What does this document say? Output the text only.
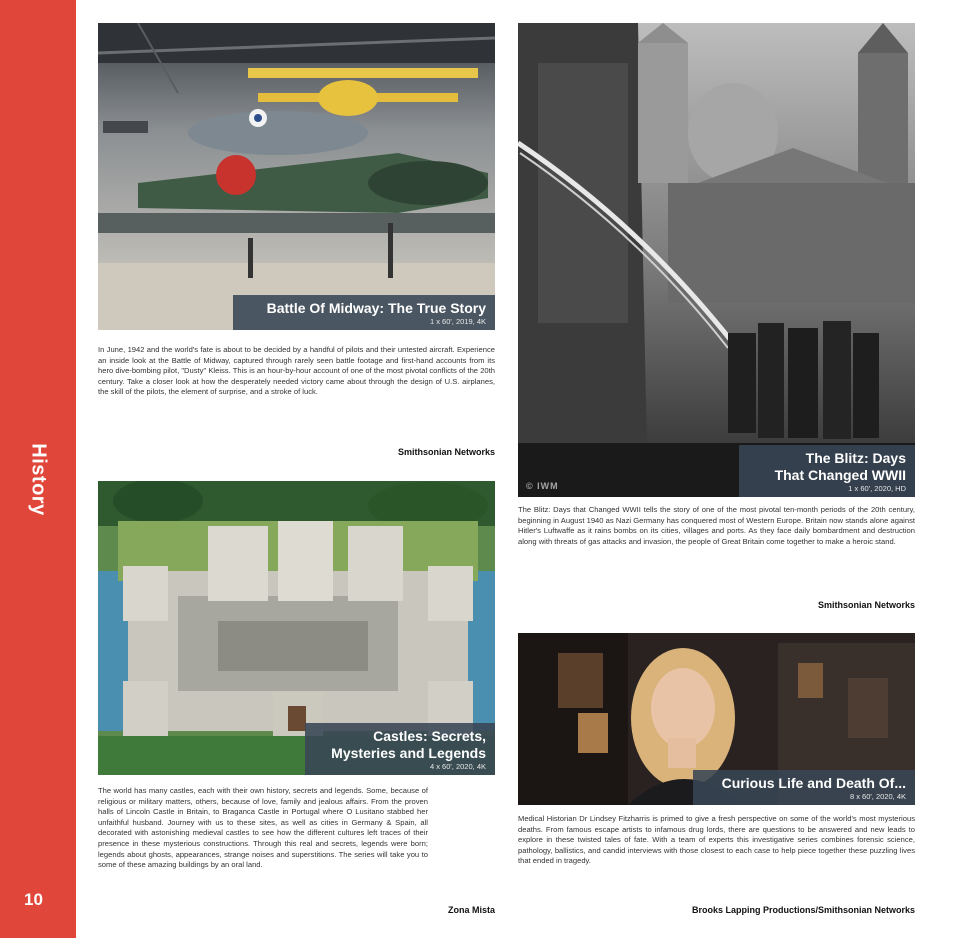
History
10
Battle Of Midway: The True Story
1 x 60', 2019, 4K
In June, 1942 and the world's fate is about to be decided by a handful of pilots and their untested aircraft. Experience an inside look at the Battle of Midway, captured through rarely seen battle footage and first-hand accounts from its hero dive-bombing pilot, "Dusty" Kleiss. This is an hour-by-hour account of one of the most pivotal conflicts of the 20th century. Take a closer look at how the desperately needed victory came about through the design of U.S. airplanes, the skill of the pilots, the element of surprise, and a stroke of luck.
Smithsonian Networks
© IWM
The Blitz: Days
That Changed WWII
1 x 60', 2020, HD
The Blitz: Days that Changed WWII tells the story of one of the most pivotal ten-month periods of the 20th century, beginning in August 1940 as Nazi Germany has conquered most of Western Europe. Britain now stands alone against Hitler's Luftwaffe as it rains bombs on its cities, villages and ports. As they face daily bombardment and destruction along with threats of gas attacks and invasion, the people of Great Britain come together to make a heroic stand.
Smithsonian Networks
Castles: Secrets,
Mysteries and Legends
4 x 60', 2020, 4K
The world has many castles, each with their own history, secrets and legends. Some, because of religious or military matters, others, because of love, family and jealous affairs. From the proven halls of Lincoln Castle in Britain, to Braganca Castle in Portugal where O Lusitano stabbed her unfaithful husband. Journey with us to these sites, as well as cities in Germany & Spain, all decorated with astonishing medieval castles to see how the different cultures left traces of their presence in these mysterious constructions. Through this real and secrets, legends were born; legends about ghosts, appearances, strange noises and superstitions. The series will take you to some of these amazing buildings by an oral land.
Zona Mista
Curious Life and Death Of...
8 x 60', 2020, 4K
Medical Historian Dr Lindsey Fitzharris is primed to give a fresh perspective on some of the world's most mysterious deaths. From famous escape artists to infamous drug lords, there are questions to be answered and new leads to explore in these twisted tales of fate. With a team of experts this investigative series combines forensic science, pathology, ballistics, and candid interviews with those closest to each case to help piece together these puzzling lives that ended in tragedy.
Brooks Lapping Productions/Smithsonian Networks
